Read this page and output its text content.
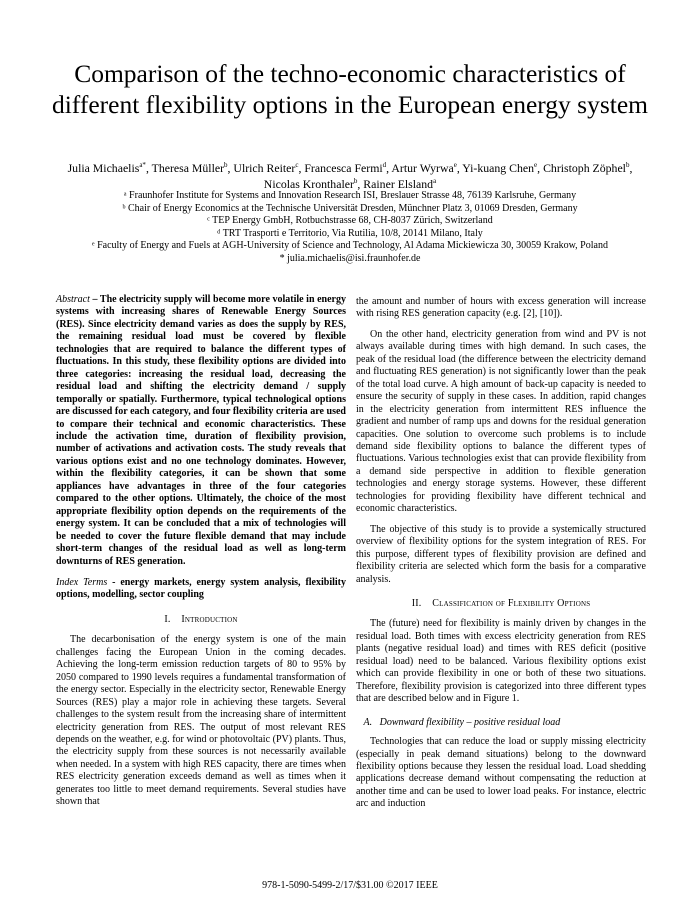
Comparison of the techno-economic characteristics of different flexibility options in the European energy system
Julia Michaelis$^{a*}$, Theresa Müller$^b$, Ulrich Reiter$^c$, Francesca Fermi$^d$, Artur Wyrwa$^e$, Yi-kuang Chen$^e$, Christoph Zöphel$^b$, Nicolas Kronthaler$^b$, Rainer Elsland$^a$
ᵃ Fraunhofer Institute for Systems and Innovation Research ISI, Breslauer Strasse 48, 76139 Karlsruhe, Germany
ᵇ Chair of Energy Economics at the Technische Universität Dresden, Münchner Platz 3, 01069 Dresden, Germany
ᶜ TEP Energy GmbH, Rotbuchstrasse 68, CH-8037 Zürich, Switzerland
ᵈ TRT Trasporti e Territorio, Via Rutilia, 10/8, 20141 Milano, Italy
ᵉ Faculty of Energy and Fuels at AGH-University of Science and Technology, Al Adama Mickiewicza 30, 30059 Krakow, Poland
* julia.michaelis@isi.fraunhofer.de

Abstract – The electricity supply will become more volatile in energy systems with increasing shares of Renewable Energy Sources (RES). Since electricity demand varies as does the supply by RES, the remaining residual load must be covered by flexible technologies that are required to balance the different types of fluctuations. In this study, these flexibility options are divided into three categories: increasing the residual load, decreasing the residual load and shifting the electricity demand / supply temporally or spatially. Furthermore, typical technological options are discussed for each category, and four flexibility criteria are used to compare their technical and economic characteristics. These include the activation time, duration of flexibility provision, number of activations and activation costs. The study reveals that various options exist and no one technology dominates. However, within the flexibility categories, it can be shown that some appliances have advantages in three of the four categories compared to the other options. Ultimately, the choice of the most appropriate flexibility option depends on the requirements of the energy system. It can be concluded that a mix of technologies will be needed to cover the future flexible demand that may include short-term changes of the residual load as well as long-term downturns of RES generation.

Index Terms - energy markets, energy system analysis, flexibility options, modelling, sector coupling

I. Introduction

The decarbonisation of the energy system is one of the main challenges facing the European Union in the coming decades. Achieving the long-term emission reduction targets of 80 to 95% by 2050 compared to 1990 levels requires a fundamental transformation of the energy sector. Especially in the electricity sector, Renewable Energy Sources (RES) play a major role in achieving these targets. Several challenges to the system result from the increasing share of intermittent electricity generation from RES. The output of most relevant RES depends on the weather, e.g. for wind or photovoltaic (PV) plants. Thus, the electricity supply from these sources is not necessarily available when needed. In a system with high RES capacity, there are times when RES electricity generation exceeds demand as well as times when it generates too little to meet demand requirements. Several studies have shown that

the amount and number of hours with excess generation will increase with rising RES generation capacity (e.g. [2], [10]).

On the other hand, electricity generation from wind and PV is not always available during times with high demand. In such cases, the peak of the residual load (the difference between the electricity demand and fluctuating RES generation) is not significantly lower than the peak of the total load curve. A high amount of back-up capacity is needed to ensure the security of supply in these cases. In addition, rapid changes in the electricity generation from intermittent RES influence the gradient and number of ramp ups and downs for the residual generation capacities. One solution to overcome such problems is to include demand side flexibility options to balance the different types of fluctuations. Various technologies exist that can provide flexibility from a demand side perspective in addition to flexible generation technologies and energy storage systems. However, these different technologies for providing flexibility have different technical and economic characteristics.

The objective of this study is to provide a systemically structured overview of flexibility options for the system integration of RES. For this purpose, different types of flexibility provision are defined and flexibility criteria are selected which form the basis for a comparative analysis.

II. Classification of Flexibility Options

The (future) need for flexibility is mainly driven by changes in the residual load. Both times with excess electricity generation from RES plants (negative residual load) and times with RES deficit (positive residual load) need to be balanced. Various flexibility options exist which can provide flexibility in one or both of these two situations. Therefore, flexibility provision is categorized into three different types that are described below and in Figure 1.

A. Downward flexibility – positive residual load

Technologies that can reduce the load or supply missing electricity (especially in peak demand situations) belong to the downward flexibility options because they lessen the residual load. Load shedding applications decrease demand without compensating the reduction at another time and can be used to lower load peaks. For instance, electric arc and induction

978-1-5090-5499-2/17/$31.00 ©2017 IEEE
